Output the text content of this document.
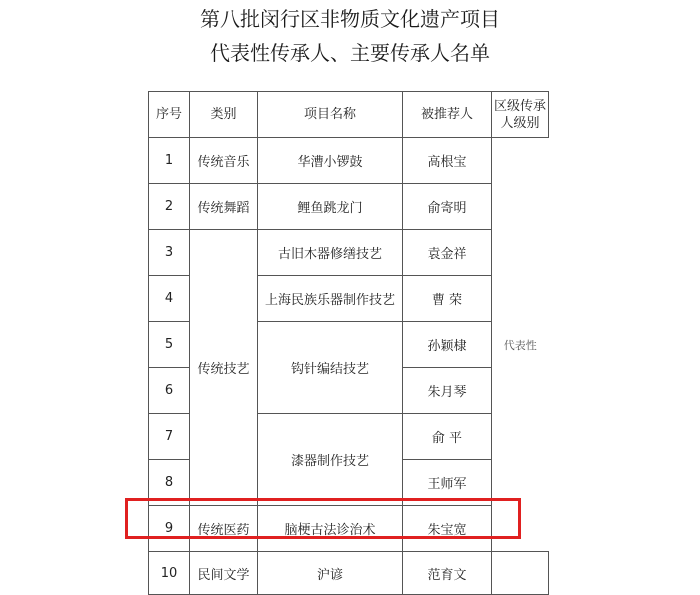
第八批闵行区非物质文化遗产项目
代表性传承人、主要传承人名单
序号	类别	项目名称	被推荐人	区级传承人级别
1	传统音乐	华漕小锣鼓	高根宝	代表性
2	传统舞蹈	鲤鱼跳龙门	俞寄明	
3	传统技艺	古旧木器修缮技艺	袁金祥	
4		上海民族乐器制作技艺	曹 荣	
5		钩针编结技艺	孙颖棣	
6			朱月琴	
7		漆器制作技艺	俞 平	
8			王师军	
9	传统医药	脑梗古法诊治术	朱宝宽	
10	民间文学	沪谚	范育文	
